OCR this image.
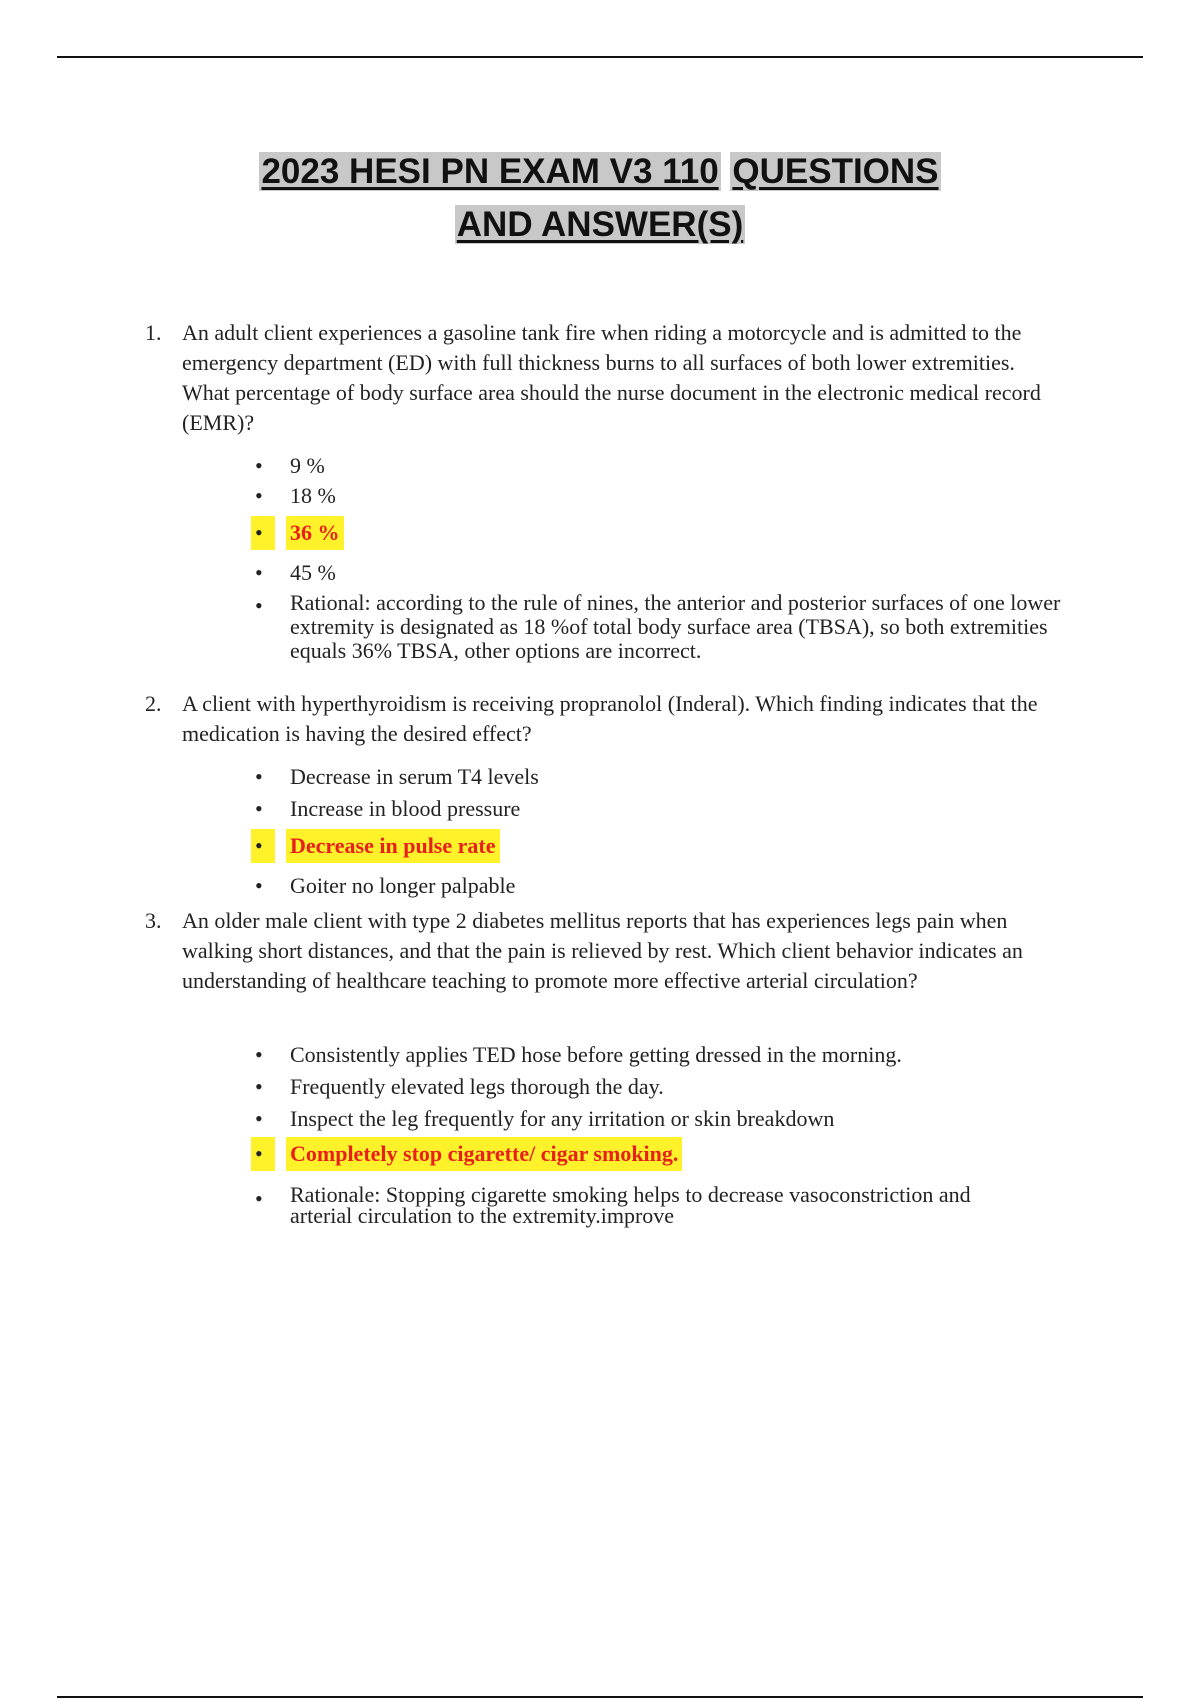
2023 HESI PN EXAM V3 110 QUESTIONS
AND ANSWER(S)
1. An adult client experiences a gasoline tank fire when riding a motorcycle and is admitted to the emergency department (ED) with full thickness burns to all surfaces of both lower extremities. What percentage of body surface area should the nurse document in the electronic medical record (EMR)?
•	9 %
•	18 %
•	36 %
•	45 %
•	Rational: according to the rule of nines, the anterior and posterior surfaces of one lower extremity is designated as 18 %of total body surface area (TBSA), so both extremities equals 36% TBSA, other options are incorrect.
2. A client with hyperthyroidism is receiving propranolol (Inderal). Which finding indicates that the medication is having the desired effect?
•	Decrease in serum T4 levels
•	Increase in blood pressure
•	Decrease in pulse rate
•	Goiter no longer palpable
3. An older male client with type 2 diabetes mellitus reports that has experiences legs pain when walking short distances, and that the pain is relieved by rest. Which client behavior indicates an understanding of healthcare teaching to promote more effective arterial circulation?
•	Consistently applies TED hose before getting dressed in the morning.
•	Frequently elevated legs thorough the day.
•	Inspect the leg frequently for any irritation or skin breakdown
•	Completely stop cigarette/ cigar smoking.
•	Rationale: Stopping cigarette smoking helps to decrease vasoconstriction and arterial circulation to the extremity.improve
